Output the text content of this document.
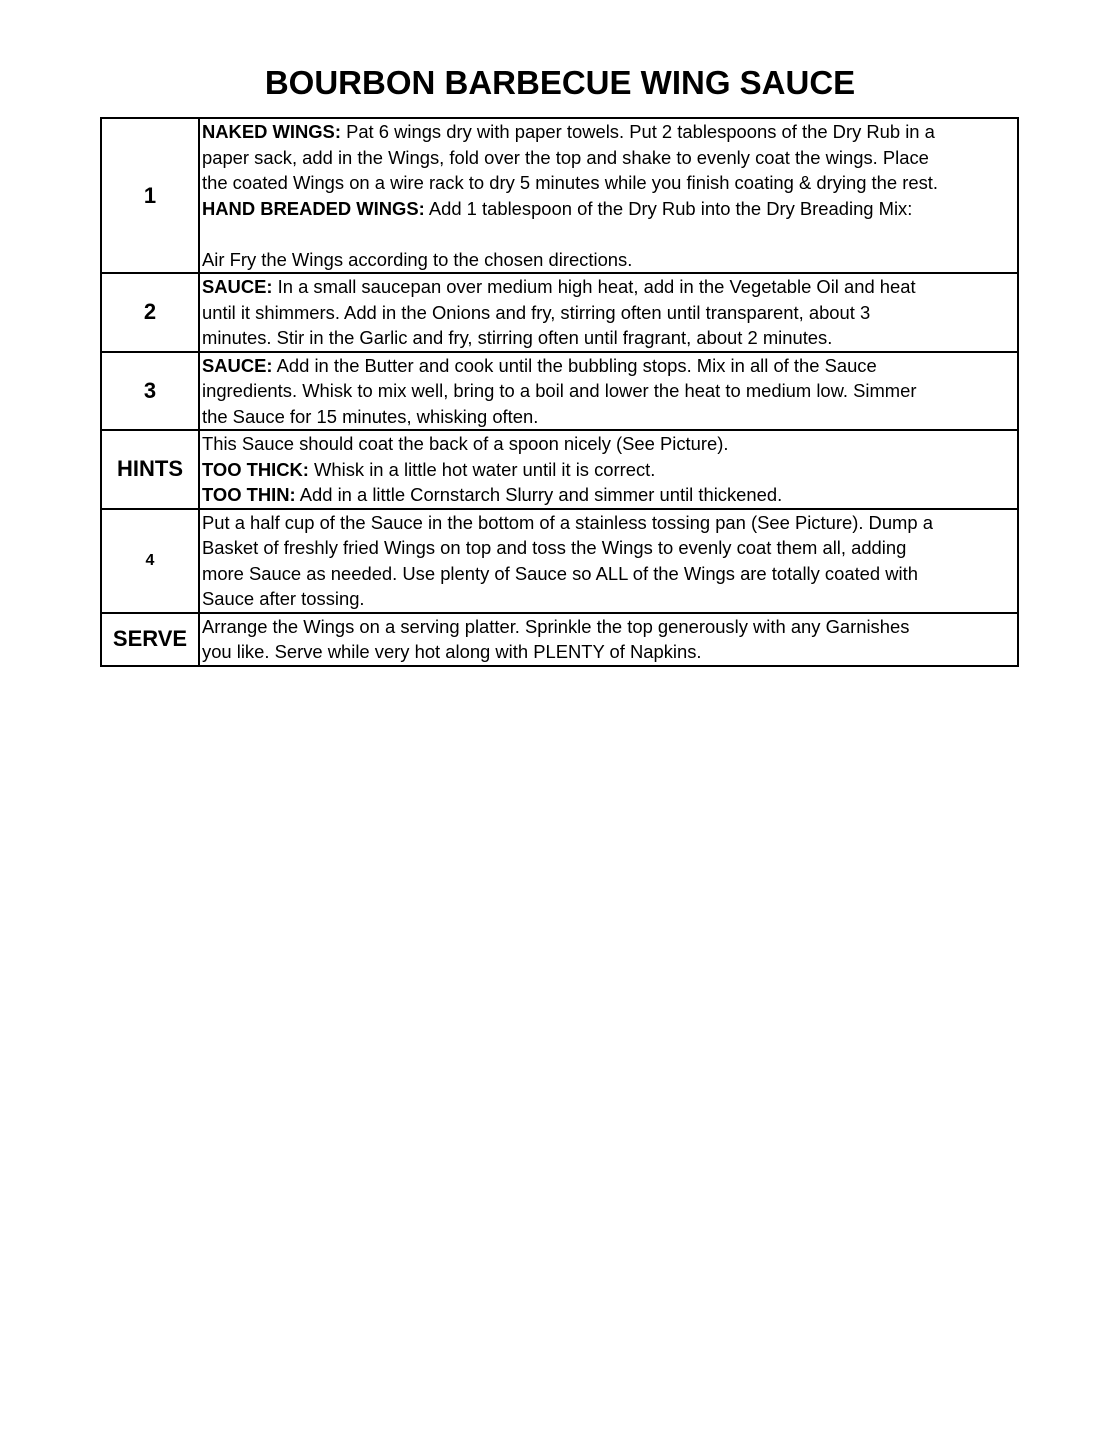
BOURBON BARBECUE WING SAUCE
1	NAKED WINGS: Pat 6 wings dry with paper towels. Put 2 tablespoons of the Dry Rub in a
paper sack, add in the Wings, fold over the top and shake to evenly coat the wings. Place
the coated Wings on a wire rack to dry 5 minutes while you finish coating & drying the rest.
HAND BREADED WINGS: Add 1 tablespoon of the Dry Rub into the Dry Breading Mix:
Air Fry the Wings according to the chosen directions.

2	SAUCE: In a small saucepan over medium high heat, add in the Vegetable Oil and heat
until it shimmers. Add in the Onions and fry, stirring often until transparent, about 3
minutes. Stir in the Garlic and fry, stirring often until fragrant, about 2 minutes.

3	SAUCE: Add in the Butter and cook until the bubbling stops. Mix in all of the Sauce
ingredients. Whisk to mix well, bring to a boil and lower the heat to medium low. Simmer
the Sauce for 15 minutes, whisking often.

HINTS	This Sauce should coat the back of a spoon nicely (See Picture).
TOO THICK: Whisk in a little hot water until it is correct.
TOO THIN: Add in a little Cornstarch Slurry and simmer until thickened.

4	Put a half cup of the Sauce in the bottom of a stainless tossing pan (See Picture). Dump a
Basket of freshly fried Wings on top and toss the Wings to evenly coat them all, adding
more Sauce as needed. Use plenty of Sauce so ALL of the Wings are totally coated with
Sauce after tossing.

SERVE	Arrange the Wings on a serving platter. Sprinkle the top generously with any Garnishes
you like. Serve while very hot along with PLENTY of Napkins.
